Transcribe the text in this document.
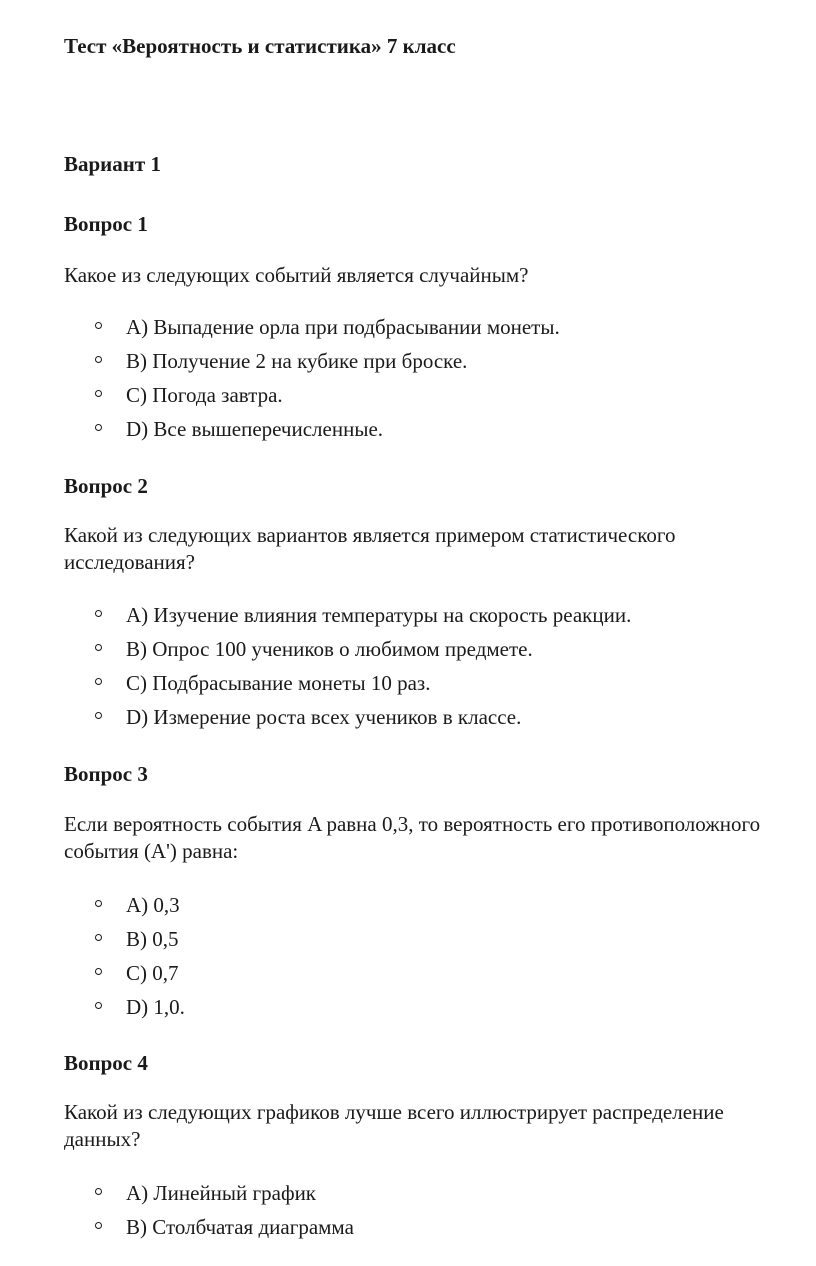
Тест «Вероятность и статистика» 7 класс
Вариант 1
Вопрос 1
Какое из следующих событий является случайным?
A) Выпадение орла при подбрасывании монеты.
B) Получение 2 на кубике при броске.
C) Погода завтра.
D) Все вышеперечисленные.
Вопрос 2
Какой из следующих вариантов является примером статистического исследования?
A) Изучение влияния температуры на скорость реакции.
B) Опрос 100 учеников о любимом предмете.
C) Подбрасывание монеты 10 раз.
D) Измерение роста всех учеников в классе.
Вопрос 3
Если вероятность события A равна 0,3, то вероятность его противоположного события (A') равна:
A) 0,3
B) 0,5
C) 0,7
D) 1,0.
Вопрос 4
Какой из следующих графиков лучше всего иллюстрирует распределение данных?
A) Линейный график
B) Столбчатая диаграмма
